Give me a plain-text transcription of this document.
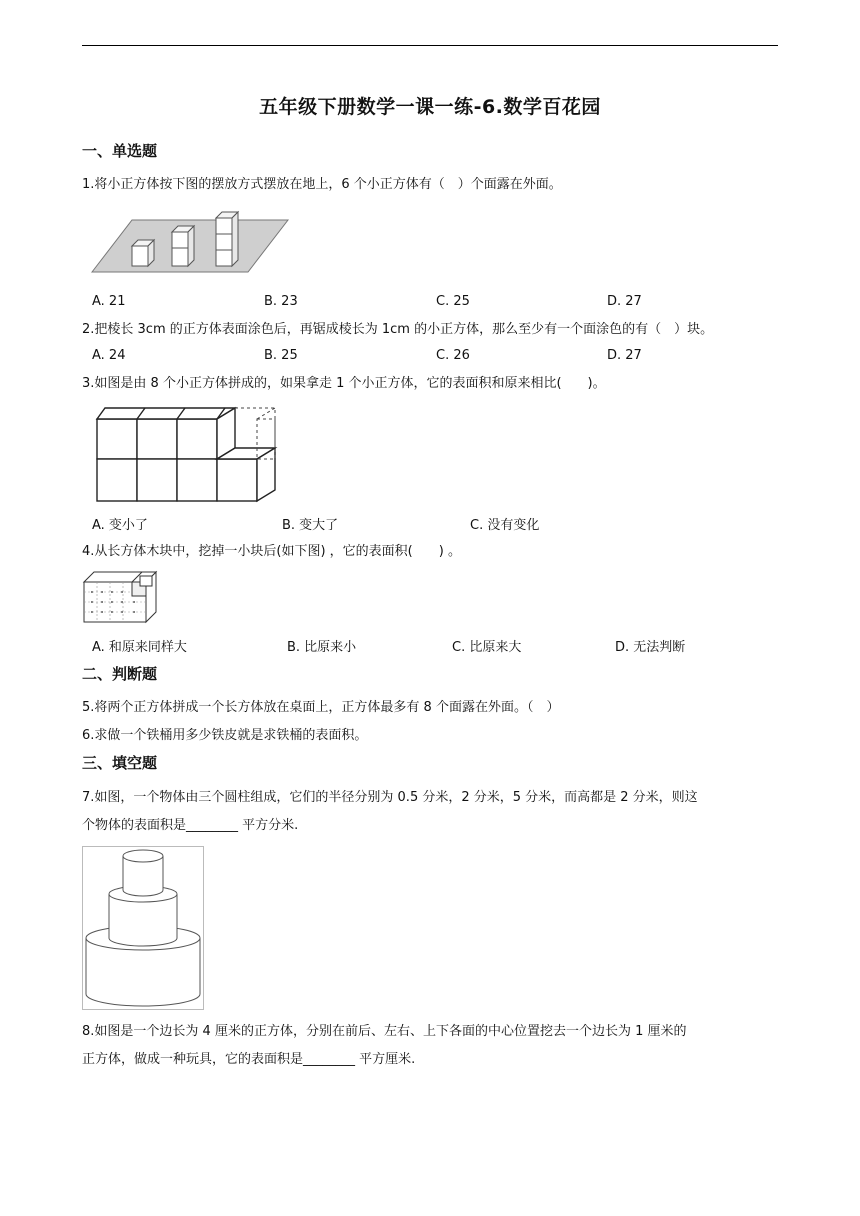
五年级下册数学一课一练-6.数学百花园
一、单选题
1.将小正方体按下图的摆放方式摆放在地上，6 个小正方体有（　）个面露在外面。
A. 21	B. 23	C. 25	D. 27
2.把棱长 3cm 的正方体表面涂色后，再锯成棱长为 1cm 的小正方体，那么至少有一个面涂色的有（　）块。
A. 24	B. 25	C. 26	D. 27
3.如图是由 8 个小正方体拼成的，如果拿走 1 个小正方体，它的表面积和原来相比(　　)。
A. 变小了	B. 变大了	C. 没有变化
4.从长方体木块中，挖掉一小块后(如下图) ，它的表面积(　　) 。
A. 和原来同样大	B. 比原来小	C. 比原来大	D. 无法判断
二、判断题
5.将两个正方体拼成一个长方体放在桌面上，正方体最多有 8 个面露在外面。（　）
6.求做一个铁桶用多少铁皮就是求铁桶的表面积。
三、填空题
7.如图，一个物体由三个圆柱组成，它们的半径分别为 0.5 分米，2 分米，5 分米，而高都是 2 分米，则这
个物体的表面积是________ 平方分米.
8.如图是一个边长为 4 厘米的正方体，分别在前后、左右、上下各面的中心位置挖去一个边长为 1 厘米的
正方体，做成一种玩具，它的表面积是________ 平方厘米.
